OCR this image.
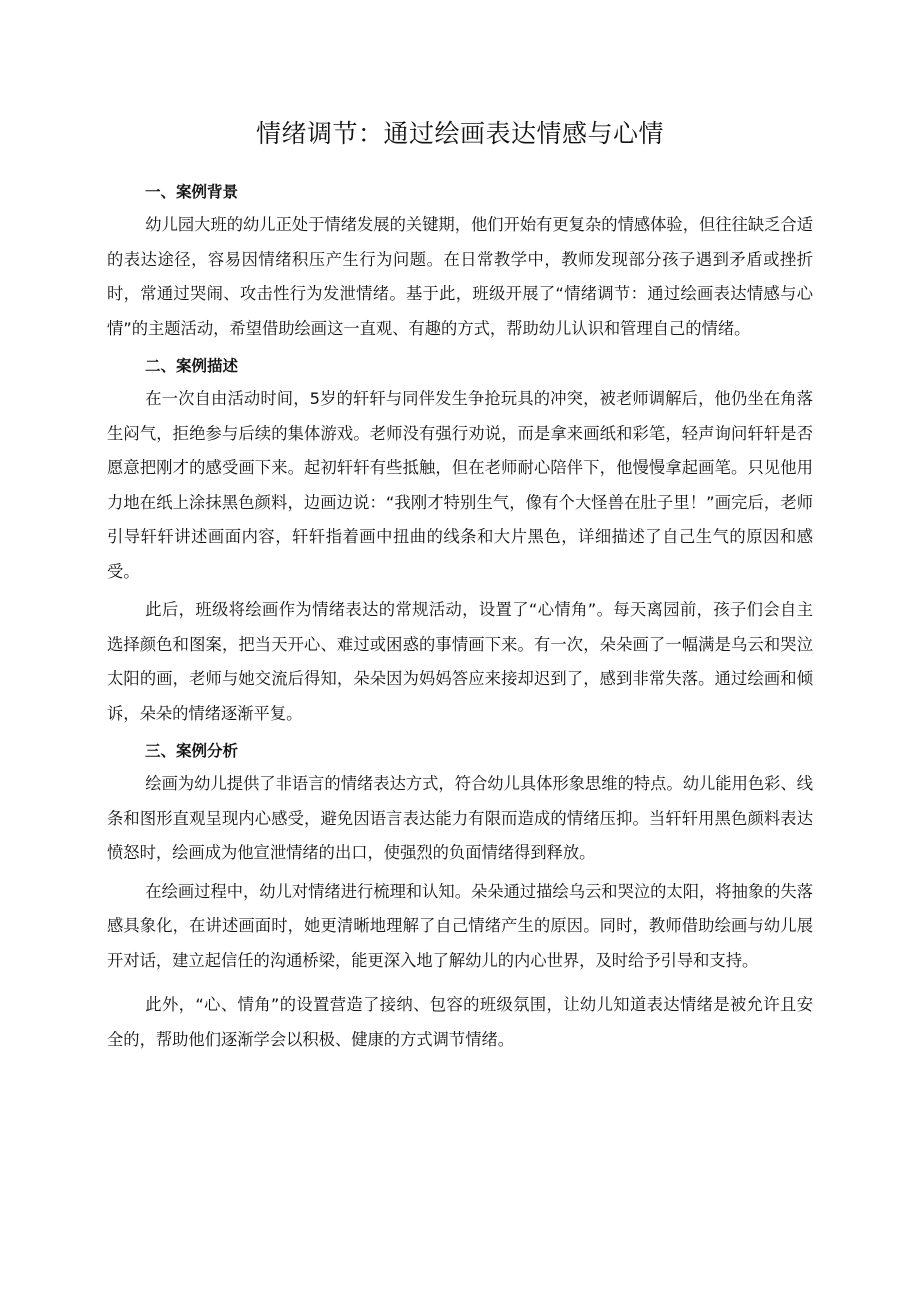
情绪调节：通过绘画表达情感与心情
一、案例背景

幼儿园大班的幼儿正处于情绪发展的关键期，他们开始有更复杂的情感体验，但往往缺乏合适的表达途径，容易因情绪积压产生行为问题。在日常教学中，教师发现部分孩子遇到矛盾或挫折时，常通过哭闹、攻击性行为发泄情绪。基于此，班级开展了“情绪调节：通过绘画表达情感与心情”的主题活动，希望借助绘画这一直观、有趣的方式，帮助幼儿认识和管理自己的情绪。

二、案例描述

在一次自由活动时间，5岁的轩轩与同伴发生争抢玩具的冲突，被老师调解后，他仍坐在角落生闷气，拒绝参与后续的集体游戏。老师没有强行劝说，而是拿来画纸和彩笔，轻声询问轩轩是否愿意把刚才的感受画下来。起初轩轩有些抵触，但在老师耐心陪伴下，他慢慢拿起画笔。只见他用力地在纸上涂抹黑色颜料，边画边说：“我刚才特别生气，像有个大怪兽在肚子里！”画完后，老师引导轩轩讲述画面内容，轩轩指着画中扭曲的线条和大片黑色，详细描述了自己生气的原因和感受。

此后，班级将绘画作为情绪表达的常规活动，设置了“心情角”。每天离园前，孩子们会自主选择颜色和图案，把当天开心、难过或困惑的事情画下来。有一次，朵朵画了一幅满是乌云和哭泣太阳的画，老师与她交流后得知，朵朵因为妈妈答应来接却迟到了，感到非常失落。通过绘画和倾诉，朵朵的情绪逐渐平复。

三、案例分析

绘画为幼儿提供了非语言的情绪表达方式，符合幼儿具体形象思维的特点。幼儿能用色彩、线条和图形直观呈现内心感受，避免因语言表达能力有限而造成的情绪压抑。当轩轩用黑色颜料表达愤怒时，绘画成为他宣泄情绪的出口，使强烈的负面情绪得到释放。

在绘画过程中，幼儿对情绪进行梳理和认知。朵朵通过描绘乌云和哭泣的太阳，将抽象的失落感具象化，在讲述画面时，她更清晰地理解了自己情绪产生的原因。同时，教师借助绘画与幼儿展开对话，建立起信任的沟通桥梁，能更深入地了解幼儿的内心世界，及时给予引导和支持。

此外，“心、情角”的设置营造了接纳、包容的班级氛围，让幼儿知道表达情绪是被允许且安全的，帮助他们逐渐学会以积极、健康的方式调节情绪。
